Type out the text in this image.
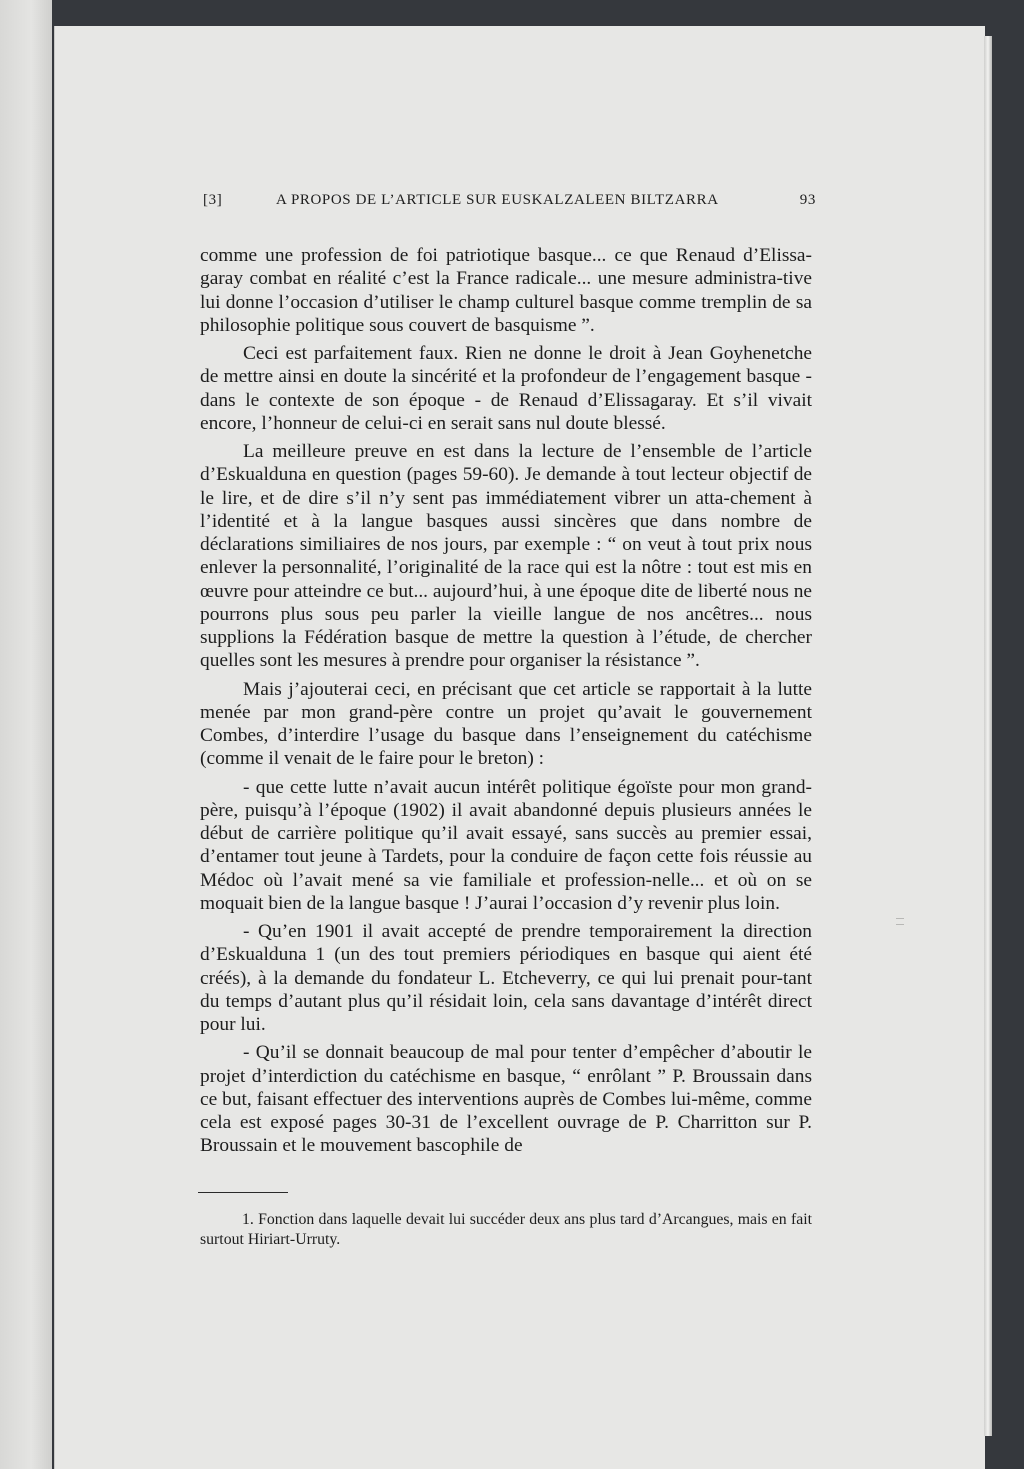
[3]	A PROPOS DE L’ARTICLE SUR EUSKALZALEEN BILTZARRA	93

comme une profession de foi patriotique basque... ce que Renaud d’Elissa-garay combat en réalité c’est la France radicale... une mesure administra-tive lui donne l’occasion d’utiliser le champ culturel basque comme tremplin de sa philosophie politique sous couvert de basquisme ”.

Ceci est parfaitement faux. Rien ne donne le droit à Jean Goyhenetche de mettre ainsi en doute la sincérité et la profondeur de l’engagement basque - dans le contexte de son époque - de Renaud d’Elissagaray. Et s’il vivait encore, l’honneur de celui-ci en serait sans nul doute blessé.

La meilleure preuve en est dans la lecture de l’ensemble de l’article d’Eskualduna en question (pages 59-60). Je demande à tout lecteur objectif de le lire, et de dire s’il n’y sent pas immédiatement vibrer un atta-chement à l’identité et à la langue basques aussi sincères que dans nombre de déclarations similiaires de nos jours, par exemple : “ on veut à tout prix nous enlever la personnalité, l’originalité de la race qui est la nôtre : tout est mis en œuvre pour atteindre ce but... aujourd’hui, à une époque dite de liberté nous ne pourrons plus sous peu parler la vieille langue de nos ancêtres... nous supplions la Fédération basque de mettre la question à l’étude, de chercher quelles sont les mesures à prendre pour organiser la résistance ”.

Mais j’ajouterai ceci, en précisant que cet article se rapportait à la lutte menée par mon grand-père contre un projet qu’avait le gouvernement Combes, d’interdire l’usage du basque dans l’enseignement du catéchisme (comme il venait de le faire pour le breton) :

- que cette lutte n’avait aucun intérêt politique égoïste pour mon grand-père, puisqu’à l’époque (1902) il avait abandonné depuis plusieurs années le début de carrière politique qu’il avait essayé, sans succès au premier essai, d’entamer tout jeune à Tardets, pour la conduire de façon cette fois réussie au Médoc où l’avait mené sa vie familiale et profession-nelle... et où on se moquait bien de la langue basque ! J’aurai l’occasion d’y revenir plus loin.

- Qu’en 1901 il avait accepté de prendre temporairement la direction d’Eskualduna 1 (un des tout premiers périodiques en basque qui aient été créés), à la demande du fondateur L. Etcheverry, ce qui lui prenait pour-tant du temps d’autant plus qu’il résidait loin, cela sans davantage d’intérêt direct pour lui.

- Qu’il se donnait beaucoup de mal pour tenter d’empêcher d’aboutir le projet d’interdiction du catéchisme en basque, “ enrôlant ” P. Broussain dans ce but, faisant effectuer des interventions auprès de Combes lui-même, comme cela est exposé pages 30-31 de l’excellent ouvrage de P. Charritton sur P. Broussain et le mouvement bascophile de

1. Fonction dans laquelle devait lui succéder deux ans plus tard d’Arcangues, mais en fait surtout Hiriart-Urruty.
